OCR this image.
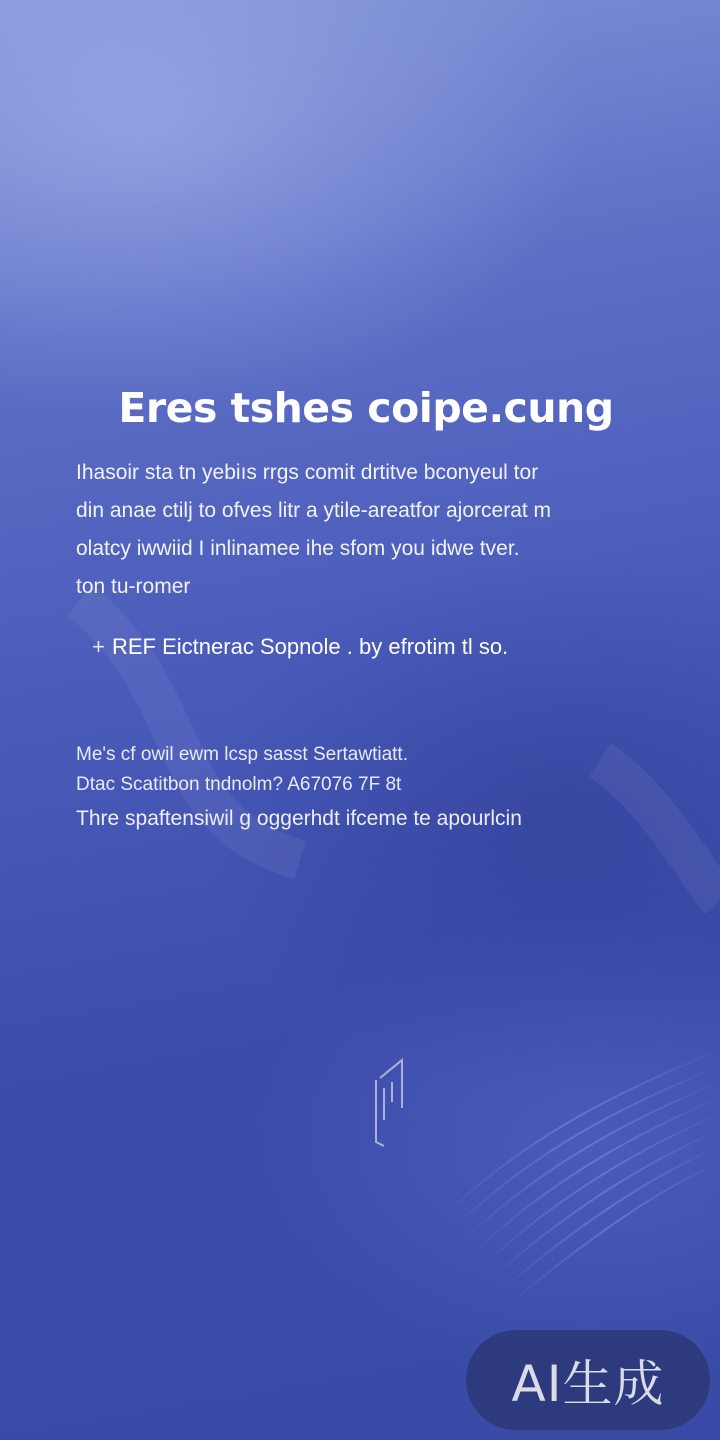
Eres tshes coipe.cung

Ihasoir sta tn yebiıs rrgs comit drtitve bconyeul tor
din anae ctilj to ofves litr a ytile-areatfor ajorcerat m
olatcy iwwiid I inlinamee ihe sfom you idwe tver.
ton tu-romer

+ REF Eictnerac Sopnole . by efrotim tl so.
Me's cf owil ewm lcsp sasst Sertawtiatt.
Dtac Scatitbon tndnolm? A67076 7F 8t
Thre spaftensiwil g oggerhdt ifceme te apourlcin
AI生成
